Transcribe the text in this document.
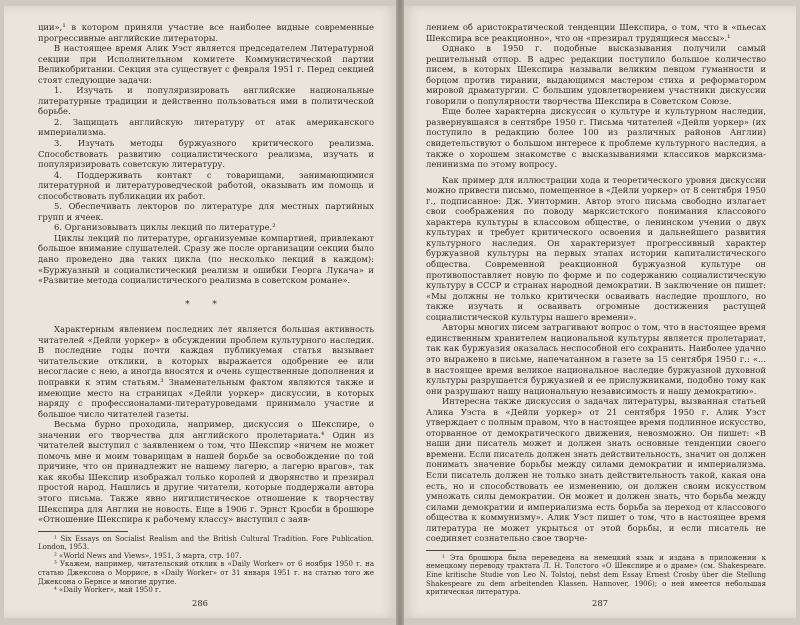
ции»,¹ в котором приняли участие все наиболее видные современные прогрессивные английские литераторы.

В настоящее время Алик Уэст является председателем Литературной секции при Исполнительном комитете Коммунистической партии Великобритании. Секция эта существует с февраля 1951 г. Перед секцией стоят следующие задачи:

1. Изучать и популяризировать английские национальные литературные традиции и действенно пользоваться ими в политической борьбе.

2. Защищать английскую литературу от атак американского империализма.

3. Изучать методы буржуазного критического реализма. Способствовать развитию социалистического реализма, изучать и популяризировать советскую литературу.

4. Поддерживать контакт с товарищами, занимающимися литературной и литературоведческой работой, оказывать им помощь и способствовать публикации их работ.

5. Обеспечивать лекторов по литературе для местных партийных групп и ячеек.

6. Организовывать циклы лекций по литературе.²

Циклы лекций по литературе, организуемые компартией, привлекают большое внимание слушателей. Сразу же после организации секции было дано проведено два таких цикла (по несколько лекций в каждом): «Буржуазный и социалистический реализм и ошибки Георга Лукача» и «Развитие метода социалистического реализма в советском романе».

* *

Характерным явлением последних лет является большая активность читателей «Дейли уоркер» в обсуждении проблем культурного наследия. В последние годы почти каждая публикуемая статья вызывает читательские отклики, в которых выражается одобрение ее или несогласие с нею, а иногда вносятся и очень существенные дополнения и поправки к этим статьям.³ Знаменательным фактом являются также и имеющие место на страницах «Дейли уоркер» дискуссии, в которых наряду с профессионалами-литературоведами принимало участие и большое число читателей газеты.

Весьма бурно проходила, например, дискуссия о Шекспире, о значении его творчества для английского пролетариата.⁴ Один из читателей выступил с заявлением о том, что Шекспир «ничем не может помочь мне и моим товарищам в нашей борьбе за освобождение по той причине, что он принадлежит не нашему лагерю, а лагерю врагов», так как якобы Шекспир изображал только королей и дворянство и презирал простой народ. Нашлись и другие читатели, которые поддержали автора этого письма. Также явно нигилистическое отношение к творчеству Шекспира для Англии не новость. Еще в 1906 г. Эрнст Кросби в брошюре «Отношение Шекспира к рабочему классу» выступил с заяв-

¹ Six Essays on Socialist Realism and the British Cultural Tradition. Fore Publication. London, 1953.

² «World News and Views», 1951, 3 марта, стр. 107.

³ Укажем, например, читательский отклик в «Daily Worker» от 6 ноября 1950 г. на статью Джексона о Моррисе, в «Daily Worker» от 31 января 1951 г. на статью того же Джексона о Бернсе и многие другие.

⁴ «Daily Worker», май 1950 г.

286

лением об аристократической тенденции Шекспира, о том, что в «пьесах Шекспира все реакционно», что он «презирал трудящиеся массы».¹

Однако в 1950 г. подобные высказывания получили самый решительный отпор. В адрес редакции поступило большое количество писем, в которых Шекспира называли великим певцом гуманности и борцом против тирании, выдающимся мастером стиха и реформатором мировой драматургии. С большим удовлетворением участники дискуссии говорили о популярности творчества Шекспира в Советском Союзе.

Еще более характерна дискуссия о культуре и культурном наследии, развернувшаяся в сентябре 1950 г. Письма читателей «Дейли уоркер» (их поступило в редакцию более 100 из различных районов Англии) свидетельствуют о большом интересе к проблеме культурного наследия, а также о хорошем знакомстве с высказываниями классиков марксизма-ленинизма по этому вопросу.

Как пример для иллюстрации хода и теоретического уровня дискуссии можно привести письмо, помещенное в «Дейли уоркер» от 8 сентября 1950 г., подписанное: Дж. Уинтормин. Автор этого письма свободно излагает свои соображения по поводу марксистского понимания классового характера культуры в классовом обществе, о ленинском учении о двух культурах и требует критического освоения и дальнейшего развития культурного наследия. Он характеризует прогрессивный характер буржуазной культуры на первых этапах истории капиталистического общества. Современной реакционной буржуазной культуре он противопоставляет новую по форме и по содержанию социалистическую культуру в СССР и странах народной демократии. В заключение он пишет: «Мы должны не только критически осваивать наследие прошлого, но также изучать и осваивать огромные достижения растущей социалистической культуры нашего времени».

Авторы многих писем затрагивают вопрос о том, что в настоящее время единственным хранителем национальной культуры является пролетариат, так как буржуазия оказалась неспособной его сохранить. Наиболее удачно это выражено в письме, напечатанном в газете за 15 сентября 1950 г.: «... в настоящее время великое национальное наследие буржуазной духовной культуры разрушается буржуазией и ее прислужниками, подобно тому как они разрушают нашу национальную независимость и нашу демократию».

Интересна также дискуссия о задачах литературы, вызванная статьей Алика Уэста в «Дейли уоркер» от 21 сентября 1950 г. Алик Уэст утверждает с полным правом, что в настоящее время подлинное искусство, оторванное от демократического движения, невозможно. Он пишет: «В наши дни писатель может и должен знать основные тенденции своего времени. Если писатель должен знать действительность, значит он должен понимать значение борьбы между силами демократии и империализма. Если писатель должен не только знать действительность такой, какая она есть, но и способствовать ее изменению, он должен своим искусством умножать силы демократии. Он может и должен знать, что борьба между силами демократии и империализма есть борьба за переход от классового общества к коммунизму». Алик Уэст пишет о том, что в настоящее время литература не может укрыться от этой борьбы, и если писатель не соединяет сознательно свое творче-

¹ Эта брошюра была переведена на немецкий язык и издана в приложении к немецкому переводу трактата Л. Н. Толстого «О Шекспире и о драме» (см. Shakespeare. Eine kritische Studie von Leo N. Tolstoj, nebst dem Essay Ernest Crosby über die Stellung Shakespeare zu dem arbeitenden Klassen. Hannover, 1906); о ней имеется небольшая критическая литература.

287
